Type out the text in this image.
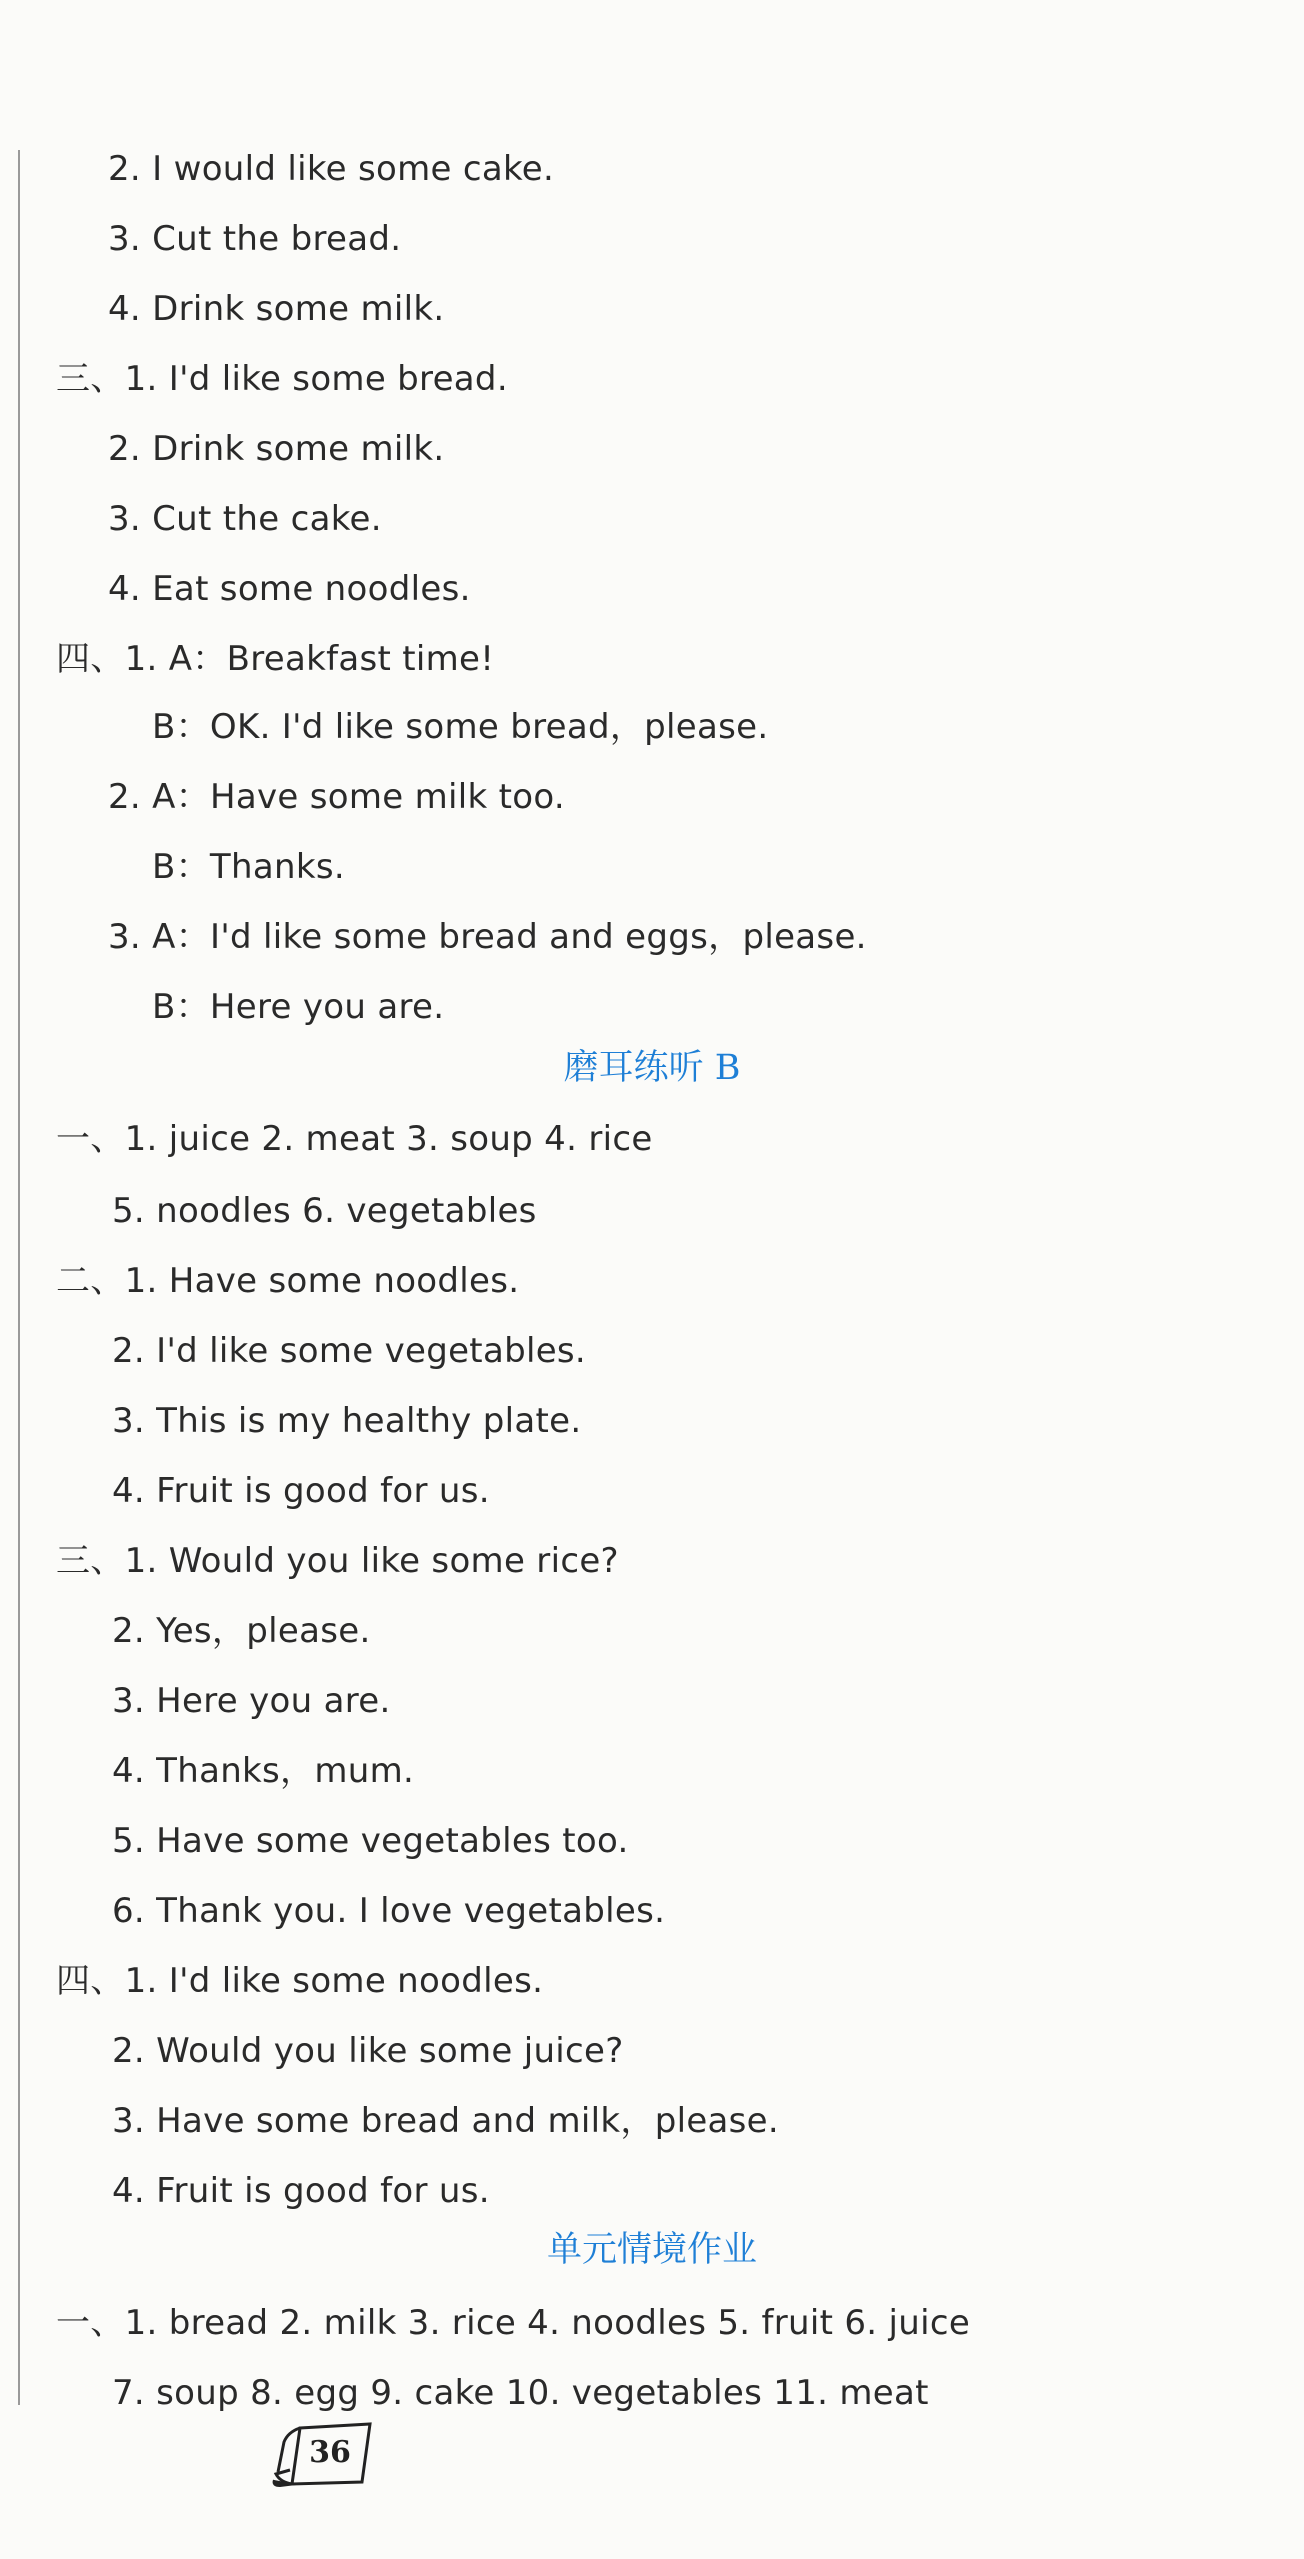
2. I would like some cake.
3. Cut the bread.
4. Drink some milk.
三、1. I'd like some bread.
2. Drink some milk.
3. Cut the cake.
4. Eat some noodles.
四、1. A：Breakfast time!
B：OK. I'd like some bread，please.
2. A：Have some milk too.
B：Thanks.
3. A：I'd like some bread and eggs，please.
B：Here you are.
磨耳练听 B
一、1. juice 2. meat 3. soup 4. rice
5. noodles 6. vegetables
二、1. Have some noodles.
2. I'd like some vegetables.
3. This is my healthy plate.
4. Fruit is good for us.
三、1. Would you like some rice?
2. Yes，please.
3. Here you are.
4. Thanks，mum.
5. Have some vegetables too.
6. Thank you. I love vegetables.
四、1. I'd like some noodles.
2. Would you like some juice?
3. Have some bread and milk，please.
4. Fruit is good for us.
单元情境作业
一、1. bread 2. milk 3. rice 4. noodles 5. fruit 6. juice
7. soup 8. egg 9. cake 10. vegetables 11. meat
36
